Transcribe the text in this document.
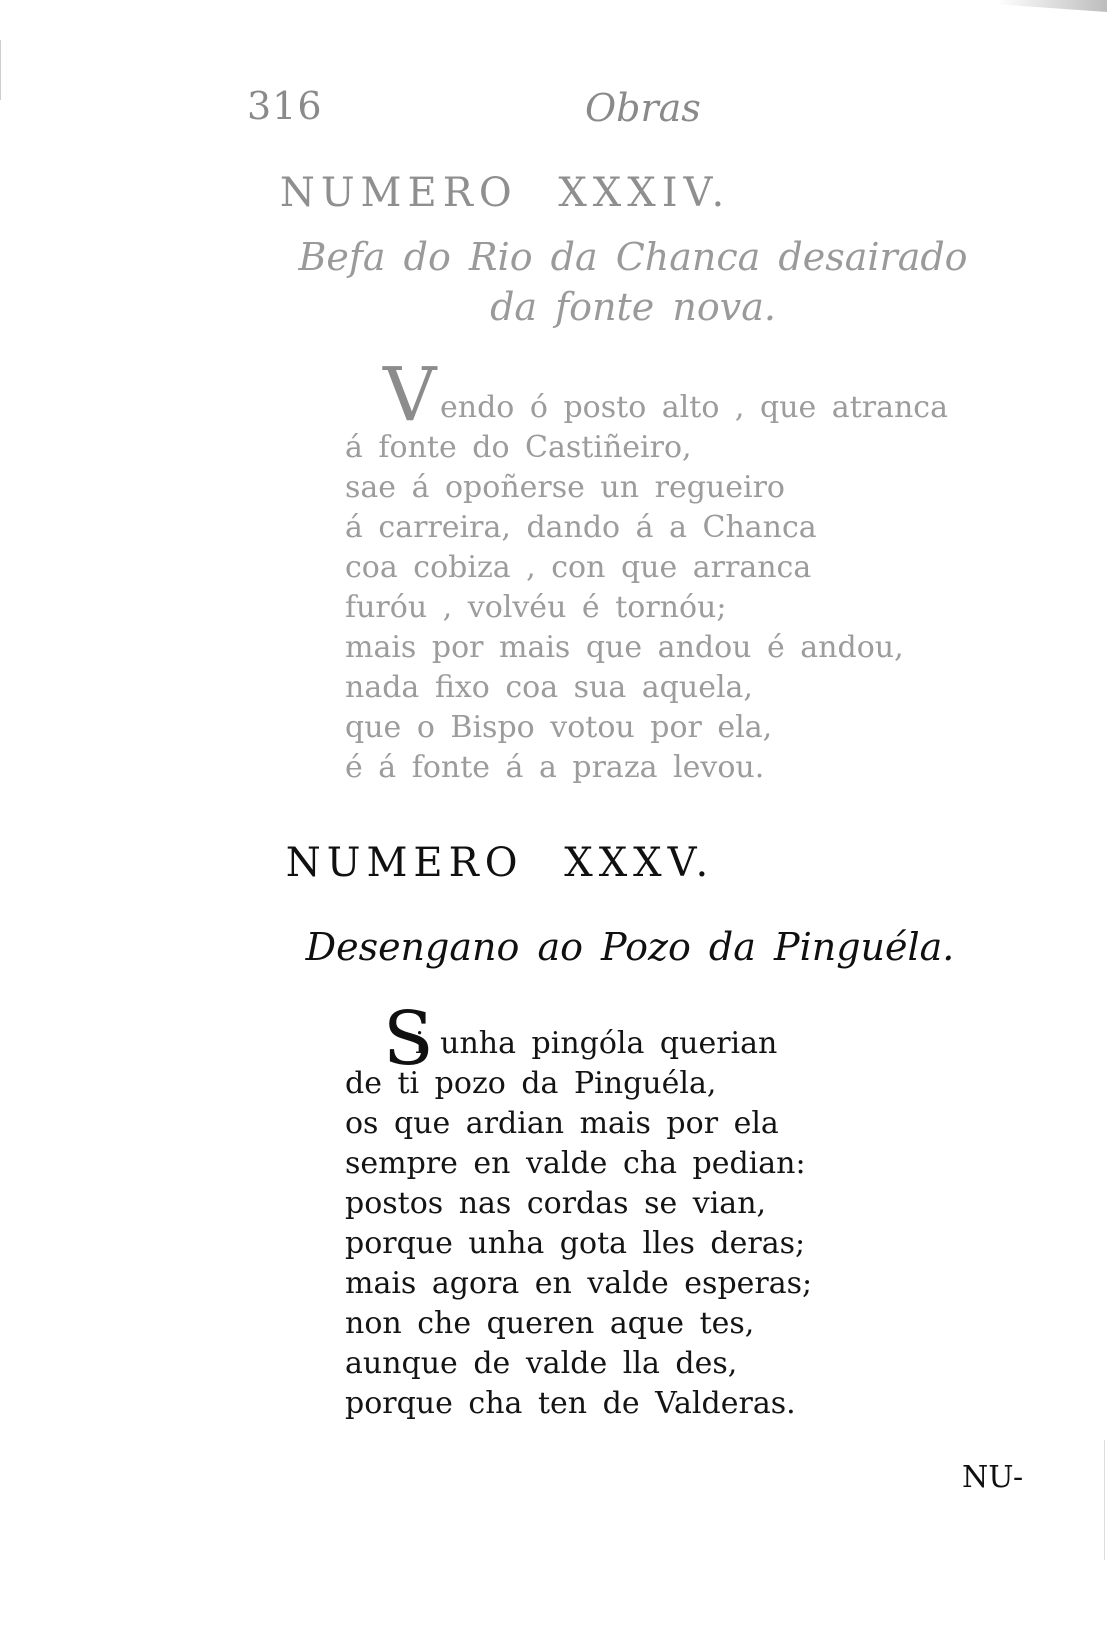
316	Obras
NUMERO XXXIV.
Befa do Rio da Chanca desairado
da fonte nova.
V endo ó posto alto , que atranca
á fonte do Castiñeiro,
sae á opoñerse un regueiro
á carreira, dando á a Chanca
coa cobiza , con que arranca
furóu , volvéu é tornóu;
mais por mais que andou é andou,
nada fixo coa sua aquela,
que o Bispo votou por ela,
é á fonte á a praza levou.
NUMERO XXXV.
Desengano ao Pozo da Pinguéla.
S
i unha pingóla querian
de ti pozo da Pinguéla,
os que ardian mais por ela
sempre en valde cha pedian:
postos nas cordas se vian,
porque unha gota lles deras;
mais agora en valde esperas;
non che queren aque tes,
aunque de valde lla des,
porque cha ten de Valderas.
NU-
